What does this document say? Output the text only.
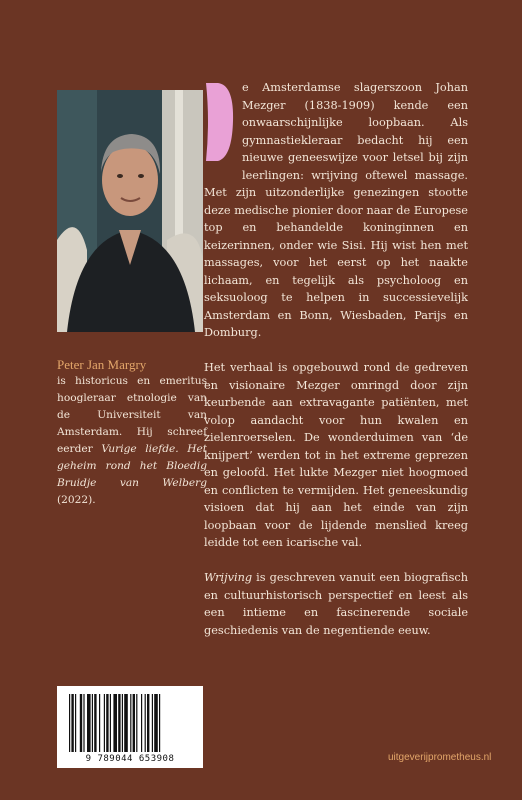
Peter Jan Margry

is historicus en emeritus hoogleraar etnologie van de Universiteit van Amsterdam. Hij schreef eerder Vurige liefde. Het geheim rond het Bloedig Bruidje van Welberg (2022).

e Amsterdamse slagerszoon Johan Mezger (1838-1909) kende een onwaarschijnlijke loopbaan. Als gymnastiekleraar bedacht hij een nieuwe geneeswijze voor letsel bij zijn leerlingen: wrijving oftewel massage. Met zijn uitzonderlijke genezingen stootte deze medische pionier door naar de Europese top en behandelde koninginnen en keizerinnen, onder wie Sisi. Hij wist hen met massages, voor het eerst op het naakte lichaam, en tegelijk als psycholoog en seksuoloog te helpen in successievelijk Amsterdam en Bonn, Wiesbaden, Parijs en Domburg.

Het verhaal is opgebouwd rond de gedreven en visionaire Mezger omringd door zijn keurbende aan extravagante patiënten, met volop aandacht voor hun kwalen en zielenroerselen. De wonderduimen van ‘de knijpert’ werden tot in het extreme geprezen en geloofd. Het lukte Mezger niet hoogmoed en conflicten te vermijden. Het geneeskundig visioen dat hij aan het einde van zijn loopbaan voor de lijdende menslied kreeg leidde tot een icarische val.

Wrijving is geschreven vanuit een biografisch en cultuurhistorisch perspectief en leest als een intieme en fascinerende sociale geschiedenis van de negentiende eeuw.

9 789044 653908	uitgeverijprometheus.nl
